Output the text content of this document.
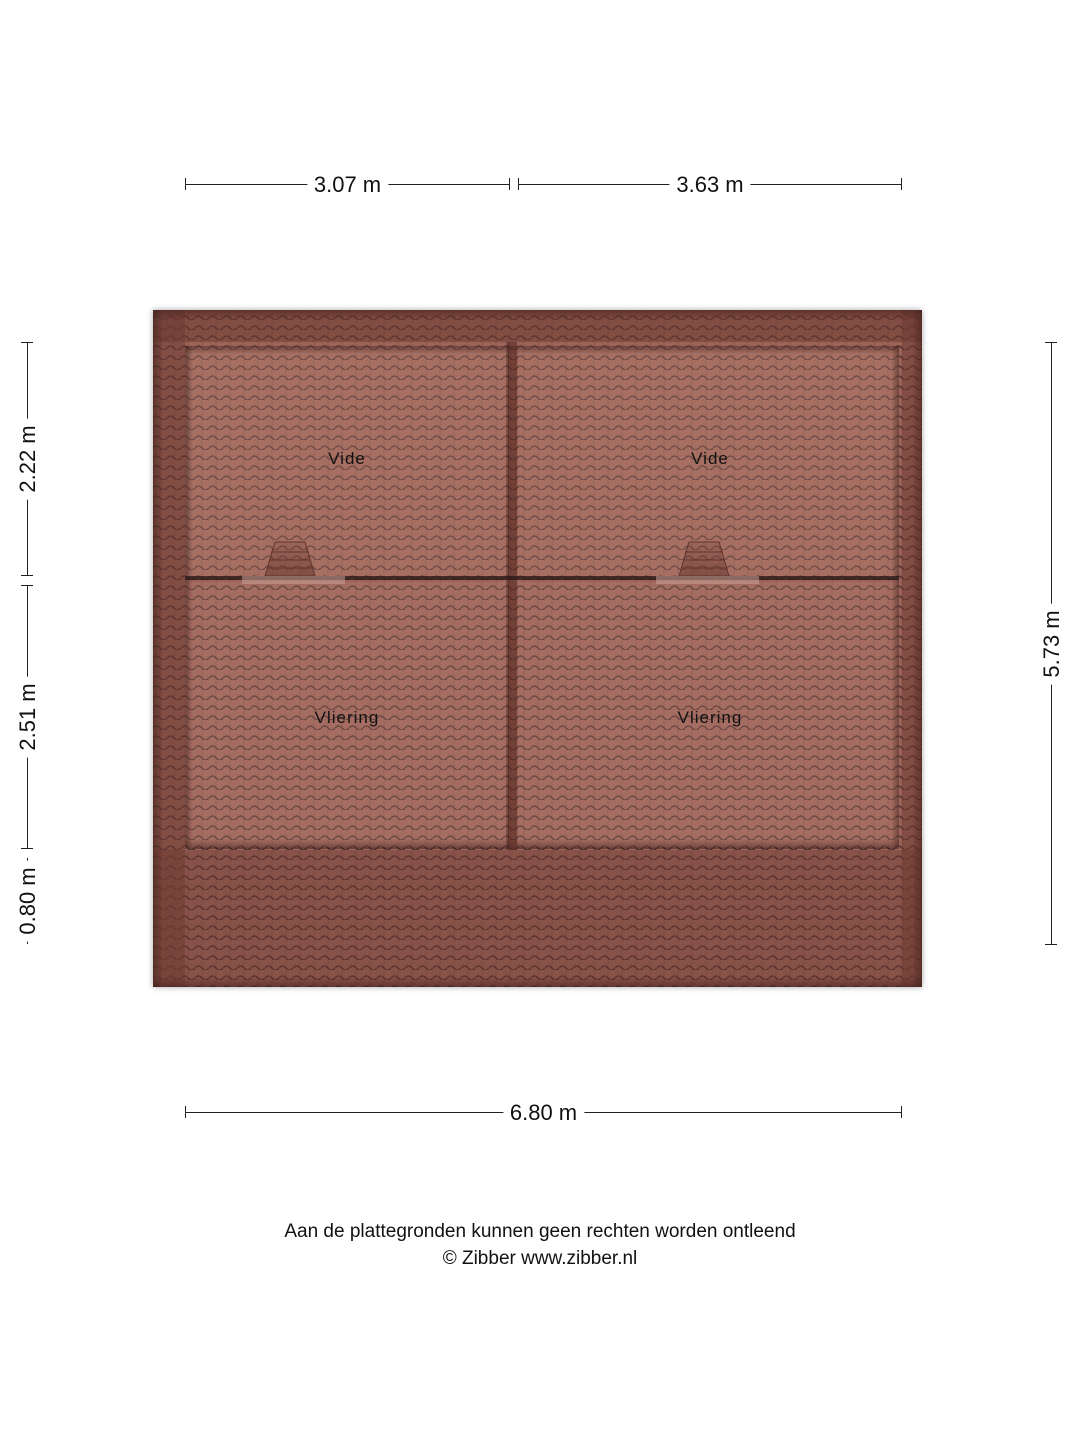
3.07 m	3.63 m
2.22 m
2.51 m
0.80 m
5.73 m
Vide	Vide
Vliering	Vliering
6.80 m
Aan de plattegronden kunnen geen rechten worden ontleend
© Zibber www.zibber.nl
